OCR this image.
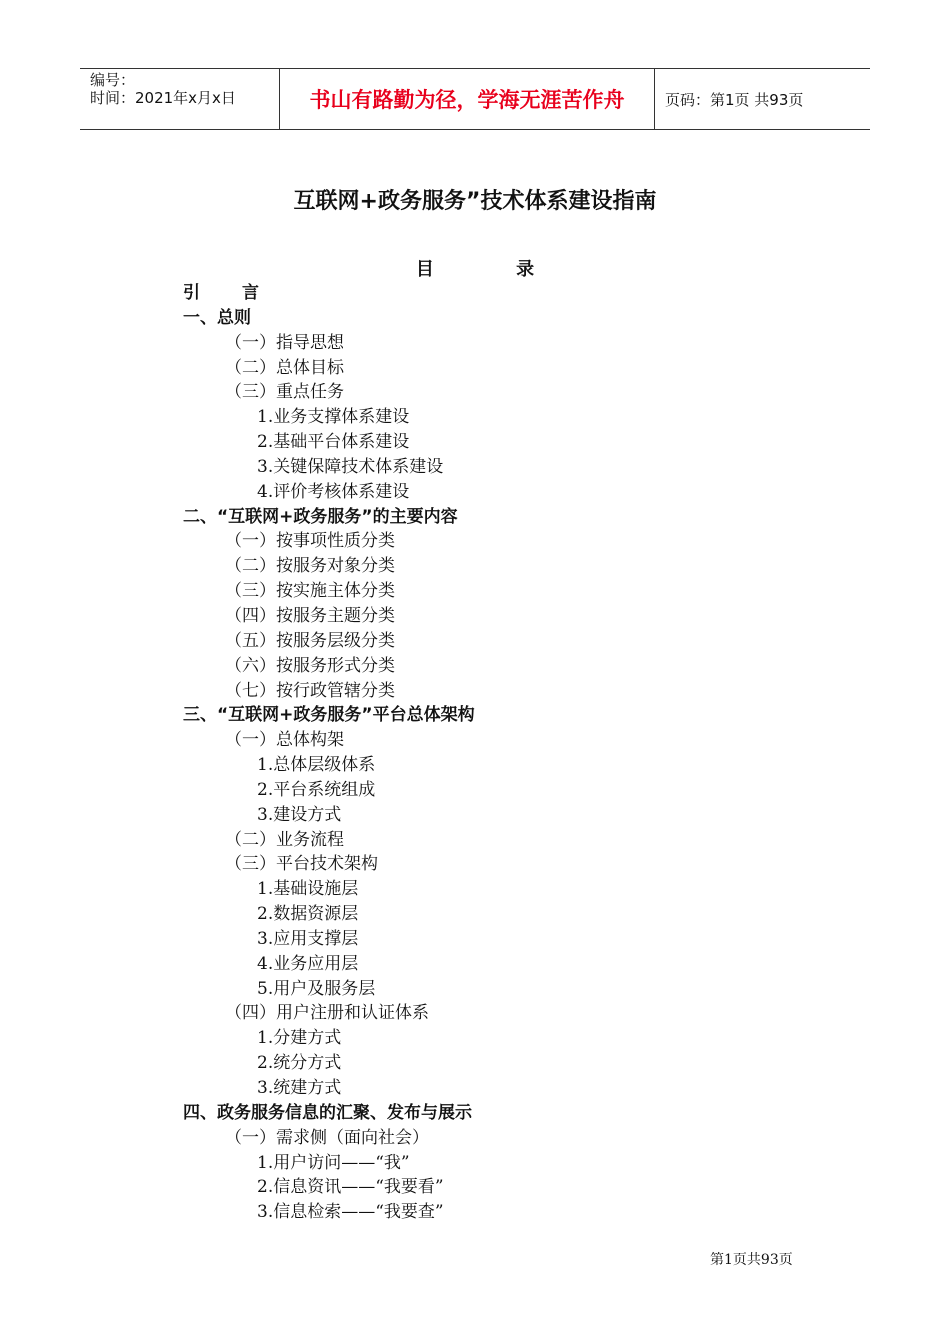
编号：
时间：2021年x月x日	书山有路勤为径，学海无涯苦作舟	页码：第1页 共93页
互联网+政务服务”技术体系建设指南
目 录
引言
一、总则
（一）指导思想
（二）总体目标
（三）重点任务
1.业务支撑体系建设
2.基础平台体系建设
3.关键保障技术体系建设
4.评价考核体系建设
二、“互联网+政务服务”的主要内容
（一）按事项性质分类
（二）按服务对象分类
（三）按实施主体分类
（四）按服务主题分类
（五）按服务层级分类
（六）按服务形式分类
（七）按行政管辖分类
三、“互联网+政务服务”平台总体架构
（一）总体构架
1.总体层级体系
2.平台系统组成
3.建设方式
（二）业务流程
（三）平台技术架构
1.基础设施层
2.数据资源层
3.应用支撑层
4.业务应用层
5.用户及服务层
（四）用户注册和认证体系
1.分建方式
2.统分方式
3.统建方式
四、政务服务信息的汇聚、发布与展示
（一）需求侧（面向社会）
1.用户访问——“我”
2.信息资讯——“我要看”
3.信息检索——“我要查”
第1页共93页
